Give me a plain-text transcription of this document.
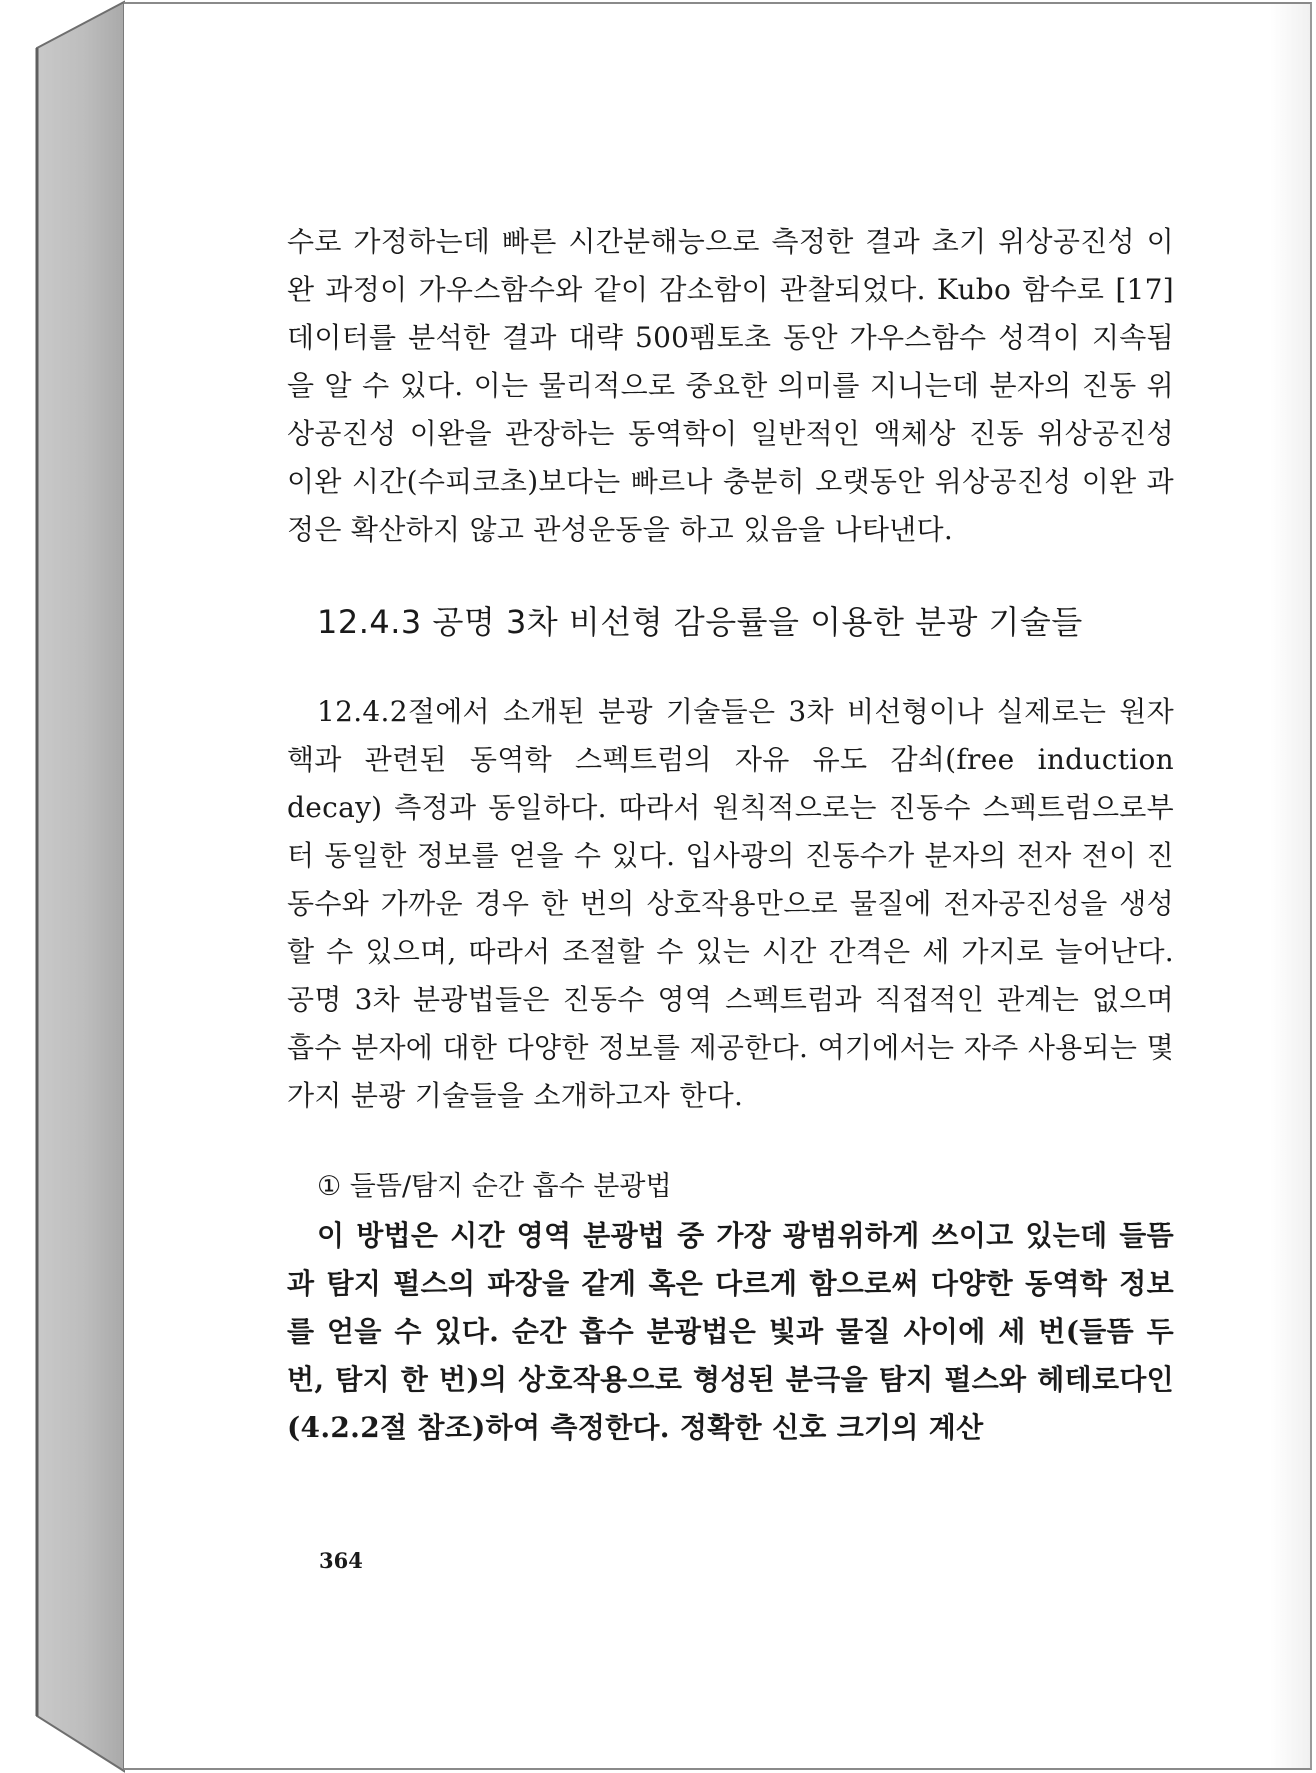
수로 가정하는데 빠른 시간분해능으로 측정한 결과 초기 위상공진성 이완 과정이 가우스함수와 같이 감소함이 관찰되었다. Kubo 함수로 [17] 데이터를 분석한 결과 대략 500펨토초 동안 가우스함수 성격이 지속됨을 알 수 있다. 이는 물리적으로 중요한 의미를 지니는데 분자의 진동 위상공진성 이완을 관장하는 동역학이 일반적인 액체상 진동 위상공진성 이완 시간(수피코초)보다는 빠르나 충분히 오랫동안 위상공진성 이완 과정은 확산하지 않고 관성운동을 하고 있음을 나타낸다.

12.4.3 공명 3차 비선형 감응률을 이용한 분광 기술들

12.4.2절에서 소개된 분광 기술들은 3차 비선형이나 실제로는 원자핵과 관련된 동역학 스펙트럼의 자유 유도 감쇠(free induction decay) 측정과 동일하다. 따라서 원칙적으로는 진동수 스펙트럼으로부터 동일한 정보를 얻을 수 있다. 입사광의 진동수가 분자의 전자 전이 진동수와 가까운 경우 한 번의 상호작용만으로 물질에 전자공진성을 생성할 수 있으며, 따라서 조절할 수 있는 시간 간격은 세 가지로 늘어난다. 공명 3차 분광법들은 진동수 영역 스펙트럼과 직접적인 관계는 없으며 흡수 분자에 대한 다양한 정보를 제공한다. 여기에서는 자주 사용되는 몇 가지 분광 기술들을 소개하고자 한다.

① 들뜸/탐지 순간 흡수 분광법

이 방법은 시간 영역 분광법 중 가장 광범위하게 쓰이고 있는데 들뜸과 탐지 펄스의 파장을 같게 혹은 다르게 함으로써 다양한 동역학 정보를 얻을 수 있다. 순간 흡수 분광법은 빛과 물질 사이에 세 번(들뜸 두 번, 탐지 한 번)의 상호작용으로 형성된 분극을 탐지 펄스와 헤테로다인(4.2.2절 참조)하여 측정한다. 정확한 신호 크기의 계산

364
